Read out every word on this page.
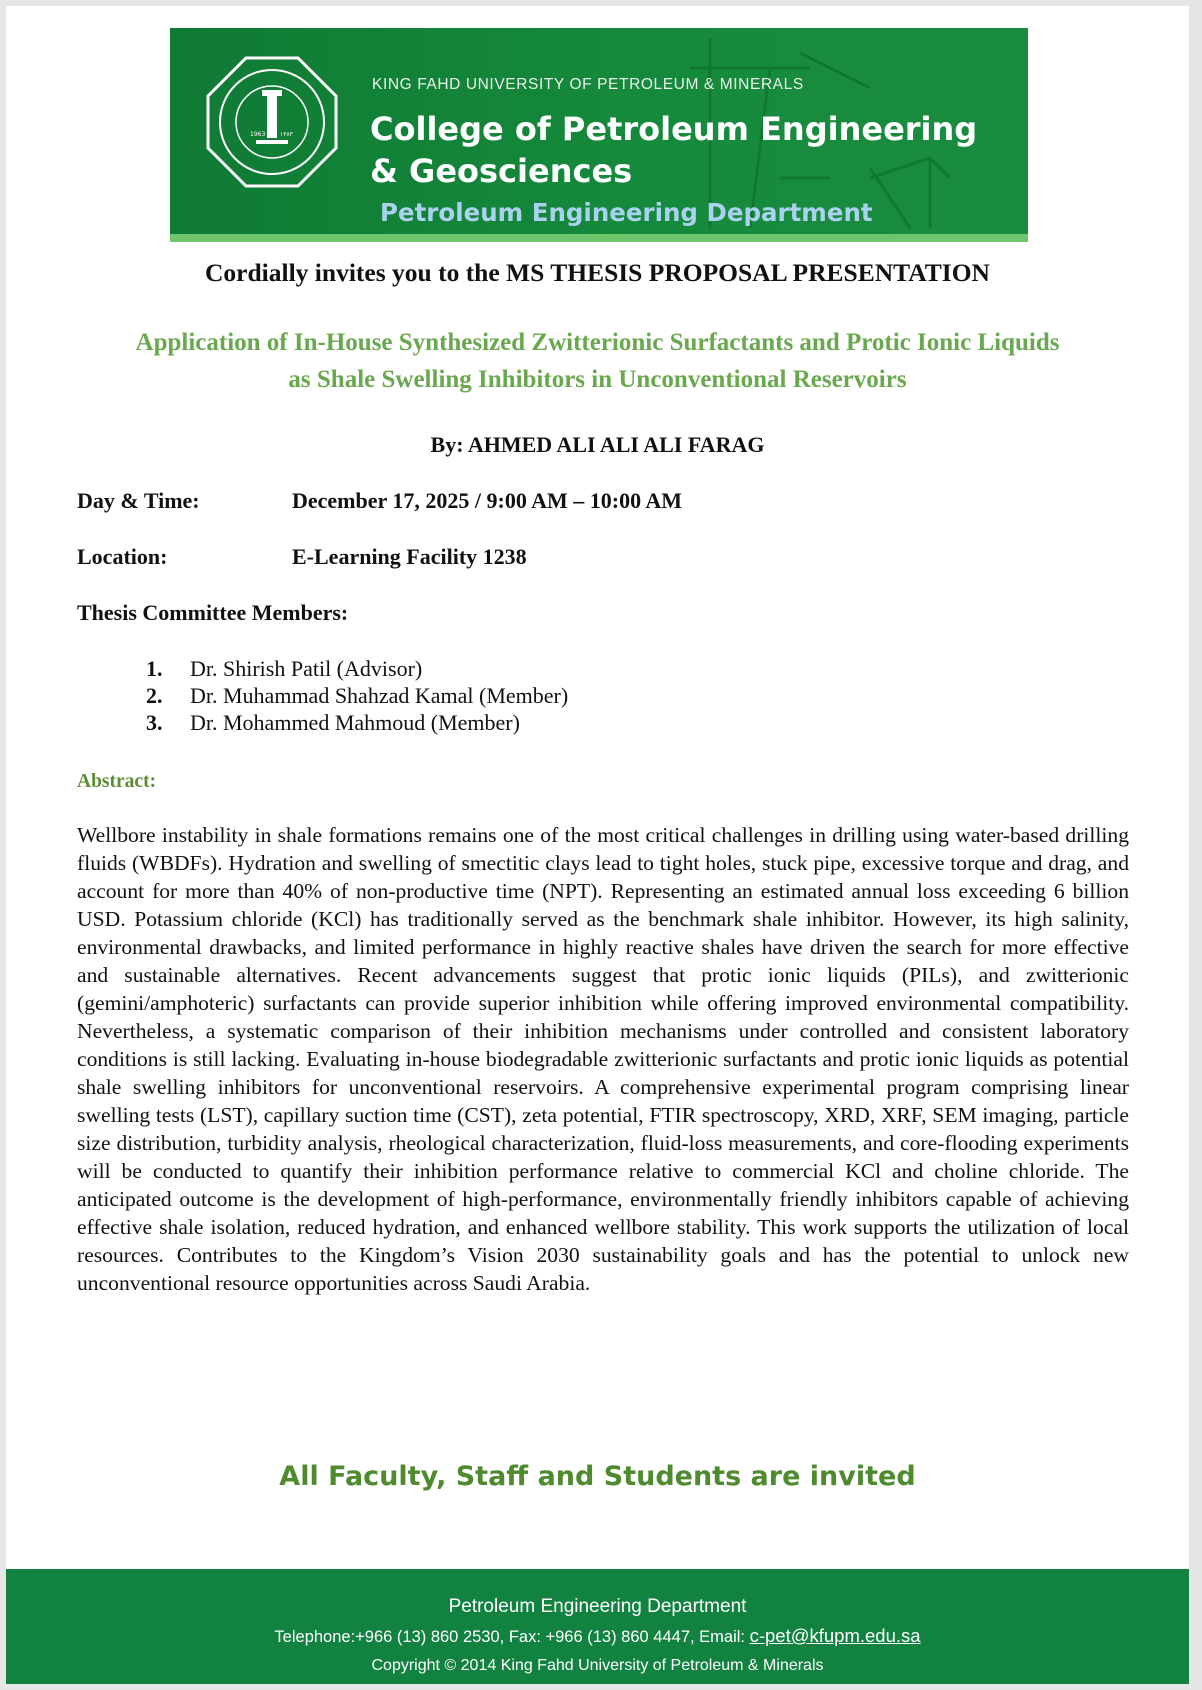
1963 ١٣٨٣
KING FAHD UNIVERSITY OF PETROLEUM & MINERALS
College of Petroleum Engineering
& Geosciences
Petroleum Engineering Department
Cordially invites you to the MS THESIS PROPOSAL PRESENTATION
Application of In-House Synthesized Zwitterionic Surfactants and Protic Ionic Liquids
as Shale Swelling Inhibitors in Unconventional Reservoirs
By: AHMED ALI ALI ALI FARAG
Day & Time:	December 17, 2025 / 9:00 AM – 10:00 AM
Location:	E-Learning Facility 1238
Thesis Committee Members:
1.	Dr. Shirish Patil (Advisor)
2.	Dr. Muhammad Shahzad Kamal (Member)
3.	Dr. Mohammed Mahmoud (Member)
Abstract:

Wellbore instability in shale formations remains one of the most critical challenges in drilling using water-based drilling fluids (WBDFs). Hydration and swelling of smectitic clays lead to tight holes, stuck pipe, excessive torque and drag, and account for more than 40% of non-productive time (NPT). Representing an estimated annual loss exceeding 6 billion USD. Potassium chloride (KCl) has traditionally served as the benchmark shale inhibitor. However, its high salinity, environmental drawbacks, and limited performance in highly reactive shales have driven the search for more effective and sustainable alternatives. Recent advancements suggest that protic ionic liquids (PILs), and zwitterionic (gemini/amphoteric) surfactants can provide superior inhibition while offering improved environmental compatibility. Nevertheless, a systematic comparison of their inhibition mechanisms under controlled and consistent laboratory conditions is still lacking. Evaluating in-house biodegradable zwitterionic surfactants and protic ionic liquids as potential shale swelling inhibitors for unconventional reservoirs. A comprehensive experimental program comprising linear swelling tests (LST), capillary suction time (CST), zeta potential, FTIR spectroscopy, XRD, XRF, SEM imaging, particle size distribution, turbidity analysis, rheological characterization, fluid-loss measurements, and core-flooding experiments will be conducted to quantify their inhibition performance relative to commercial KCl and choline chloride. The anticipated outcome is the development of high-performance, environmentally friendly inhibitors capable of achieving effective shale isolation, reduced hydration, and enhanced wellbore stability. This work supports the utilization of local resources. Contributes to the Kingdom’s Vision 2030 sustainability goals and has the potential to unlock new unconventional resource opportunities across Saudi Arabia.

All Faculty, Staff and Students are invited
Petroleum Engineering Department
Telephone:+966 (13) 860 2530, Fax: +966 (13) 860 4447, Email: c-pet@kfupm.edu.sa
Copyright © 2014 King Fahd University of Petroleum & Minerals
